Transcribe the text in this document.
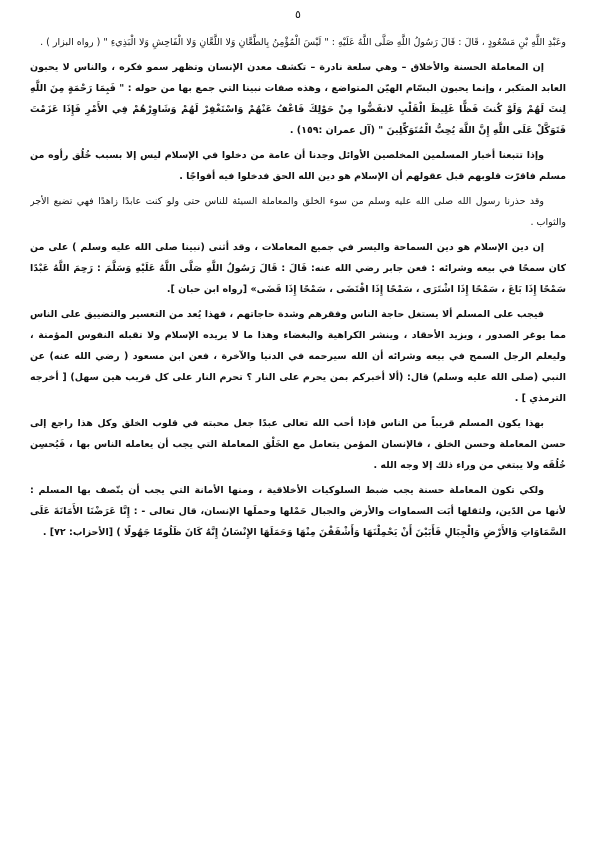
٥

وعَبْدِ اللَّهِ بْنِ مَسْعُودٍ ، قَالَ : قَالَ رَسُولُ اللَّهِ صَلَّى اللَّهُ عَلَيْهِ : " لَيْسَ الْمُؤْمِنُ بِالطَّعَّانِ وَلا اللَّعَّانِ وَلا الْفَاحِشِ وَلا الْبَذِيءِ " ( رواه البزار ) .

إن المعاملة الحسنة والأخلاق – وهي سلعة نادرة – تكشف معدن الإنسان وتظهر سمو فكره ، والناس لا يحبون العابد المتكبر ، وإنما يحبون البسّام الهيّن المتواضع ، وهذه صفات نبينا التي جمع بها من حوله : " فَبِمَا رَحْمَةٍ مِنَ اللَّهِ لِنتَ لَهُمْ وَلَوْ كُنتَ فَظًّا غَلِيظَ الْقَلْبِ لانفَضُّوا مِنْ حَوْلِكَ فَاعْفُ عَنْهُمْ وَاسْتَغْفِرْ لَهُمْ وَشَاوِرْهُمْ فِي الأَمْرِ فَإِذَا عَزَمْتَ فَتَوَكَّلْ عَلَى اللَّهِ إِنَّ اللَّهَ يُحِبُّ الْمُتَوَكِّلِينَ " (آل عمران :١٥٩) .

وإذا تتبعنا أخبار المسلمين المخلصين الأوائل وجدنا أن عامة من دخلوا في الإسلام ليس إلا بسبب خُلُق رأوه من مسلم فاقرّت قلوبهم قبل عقولهم أن الإسلام هو دين الله الحق فدخلوا فيه أفواجًا .

وقد حذرنا رسول الله صلى الله عليه وسلم من سوء الخلق والمعاملة السيئة للناس حتى ولو كنت عابدًا زاهدًا فهي تضيع الأجر والثواب .

إن دين الإسلام هو دين السماحة واليسر في جميع المعاملات ، وقد أثنى (نبينا صلى الله عليه وسلم ) على من كان سمحًا في بيعه وشرائه : فعن جابر رضي الله عنه: قَالَ : قَالَ رَسُولُ اللَّهِ صَلَّى اللَّهُ عَلَيْهِ وَسَلَّمَ : رَحِمَ اللَّهُ عَبْدًا سَمْحًا إِذَا بَاعَ ، سَمْحًا إِذَا اشْتَرَى ، سَمْحًا إِذَا اقْتَضَى ، سَمْحًا إِذَا قَضَى» [رواه ابن حبان ].

فيجب على المسلم ألا يستغل حاجة الناس وفقرهم وشدة حاجاتهم ، فهذا يُعد من التعسير والتضييق على الناس مما يوغر الصدور ، ويزيد الأحقاد ، وينشر الكراهية والبغضاء وهذا ما لا يريده الإسلام ولا تقبله النفوس المؤمنة ، وليعلم الرجل السمح في بيعه وشرائه أن الله سيرحمه في الدنيا والآخرة ، فعن ابن مسعود ( رضي الله عنه) عن النبي (صلى الله عليه وسلم) قال: (ألا أخبركم بمن يحرم على النار ؟ تحرم النار على كل قريب هين سهل) [ أخرجه الترمذي ] .

بهذا يكون المسلم قريباً من الناس فإذا أحب الله تعالى عبدًا جعل محبته في قلوب الخلق وكل هذا راجع إلى حسن المعاملة وحسن الخلق ، فالإنسان المؤمن يتعامل مع الخَلْق المعاملة التي يجب أن يعامله الناس بها ، فَيُحسِن خُلُقَه ولا يبتغي من وراء ذلك إلا وجه الله .

ولكي تكون المعاملة حسنة يجب ضبط السلوكيات الأخلاقية ، ومنها الأمانة التي يجب أن يتّصف بها المسلم : لأنها من الدّين، ولثقلها أبَت السماوات والأرض والجبال حَمْلها وحملَها الإنسان، قال تعالى - : إِنَّا عَرَضْنَا الأَمَانَةَ عَلَى السَّمَاوَاتِ وَالأَرْضِ وَالْجِبَالِ فَأَبَيْنَ أَنْ يَحْمِلْنَهَا وَأَشْفَقْنَ مِنْهَا وَحَمَلَهَا الإِنْسَانُ إِنَّهُ كَانَ ظَلُومًا جَهُولًا ) [الأحزاب: ٧٢] .
